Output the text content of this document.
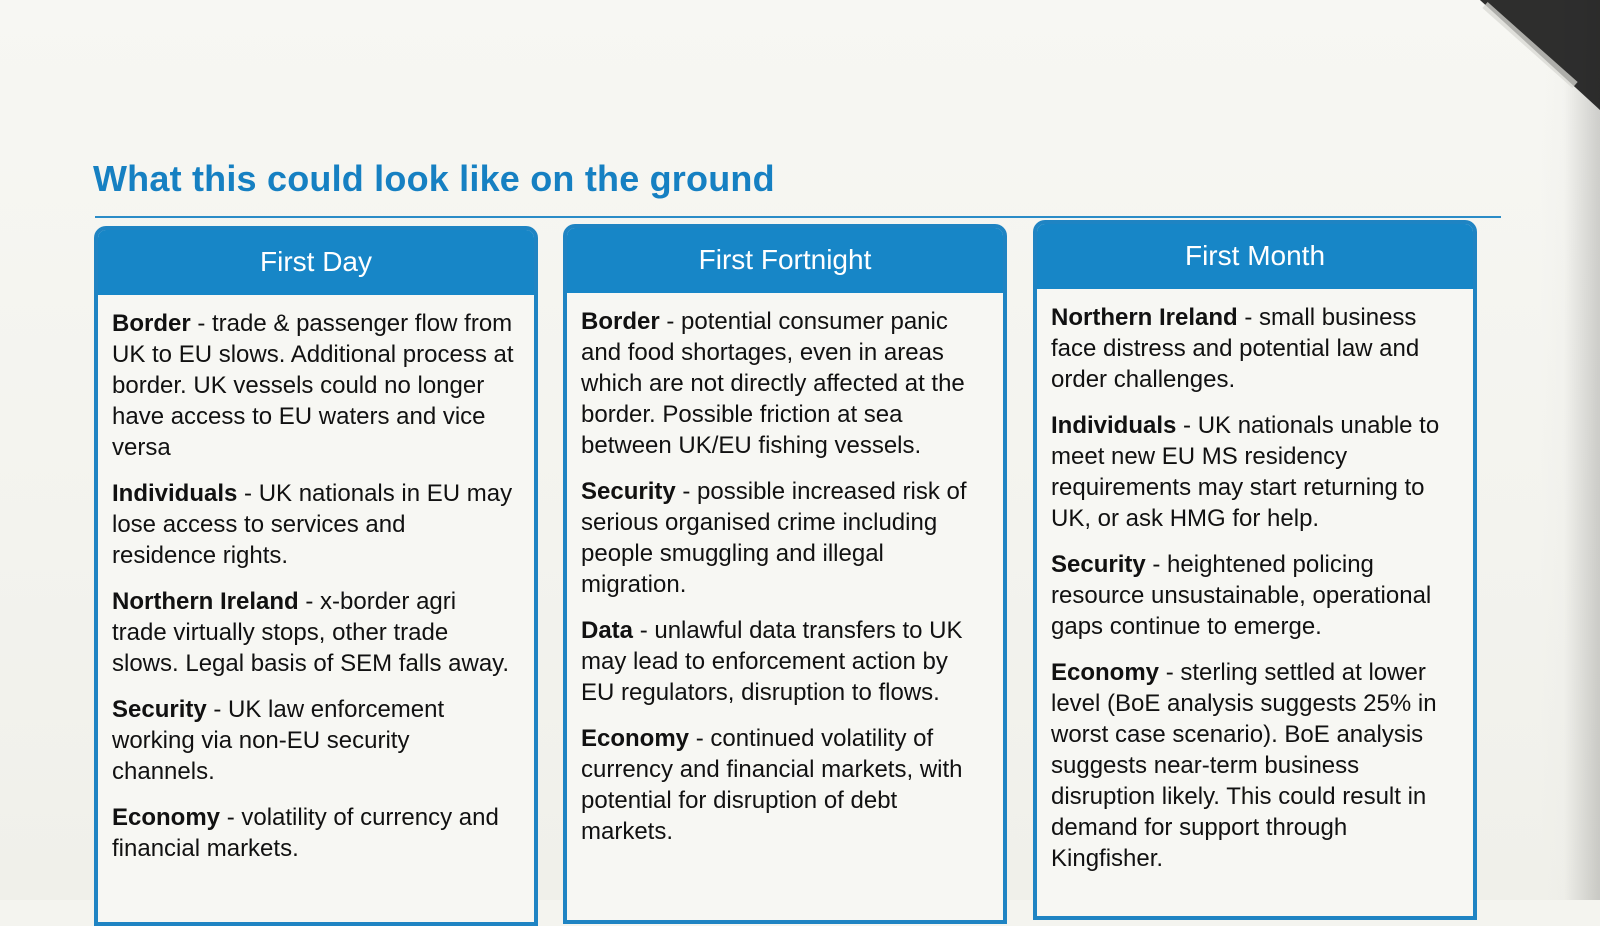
What this could look like on the ground
First Day

Border - trade & passenger flow from UK to EU slows. Additional process at border. UK vessels could no longer have access to EU waters and vice versa

Individuals - UK nationals in EU may lose access to services and residence rights.

Northern Ireland - x-border agri trade virtually stops, other trade slows. Legal basis of SEM falls away.

Security - UK law enforcement working via non-EU security channels.

Economy - volatility of currency and financial markets.

First Fortnight

Border - potential consumer panic and food shortages, even in areas which are not directly affected at the border. Possible friction at sea between UK/EU fishing vessels.

Security - possible increased risk of serious organised crime including people smuggling and illegal migration.

Data - unlawful data transfers to UK may lead to enforcement action by EU regulators, disruption to flows.

Economy - continued volatility of currency and financial markets, with potential for disruption of debt markets.

First Month

Northern Ireland - small business face distress and potential law and order challenges.

Individuals - UK nationals unable to meet new EU MS residency requirements may start returning to UK, or ask HMG for help.

Security - heightened policing resource unsustainable, operational gaps continue to emerge.

Economy - sterling settled at lower level (BoE analysis suggests 25% in worst case scenario). BoE analysis suggests near-term business disruption likely. This could result in demand for support through Kingfisher.
